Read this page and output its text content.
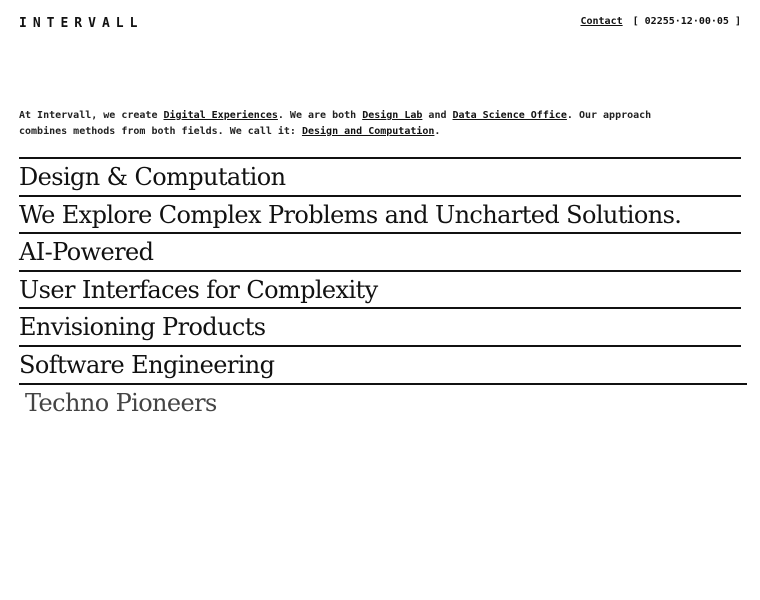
INTERVALL	Contact [ 02255·12·00·05 ]
At Intervall, we create Digital Experiences. We are both Design Lab and Data Science Office. Our approach combines methods from both fields. We call it: Design and Computation.
Design & Computation
We Explore Complex Problems and Uncharted Solutions.
AI-Powered
User Interfaces for Complexity
Envisioning Products
Software Engineering
Techno Pioneers
